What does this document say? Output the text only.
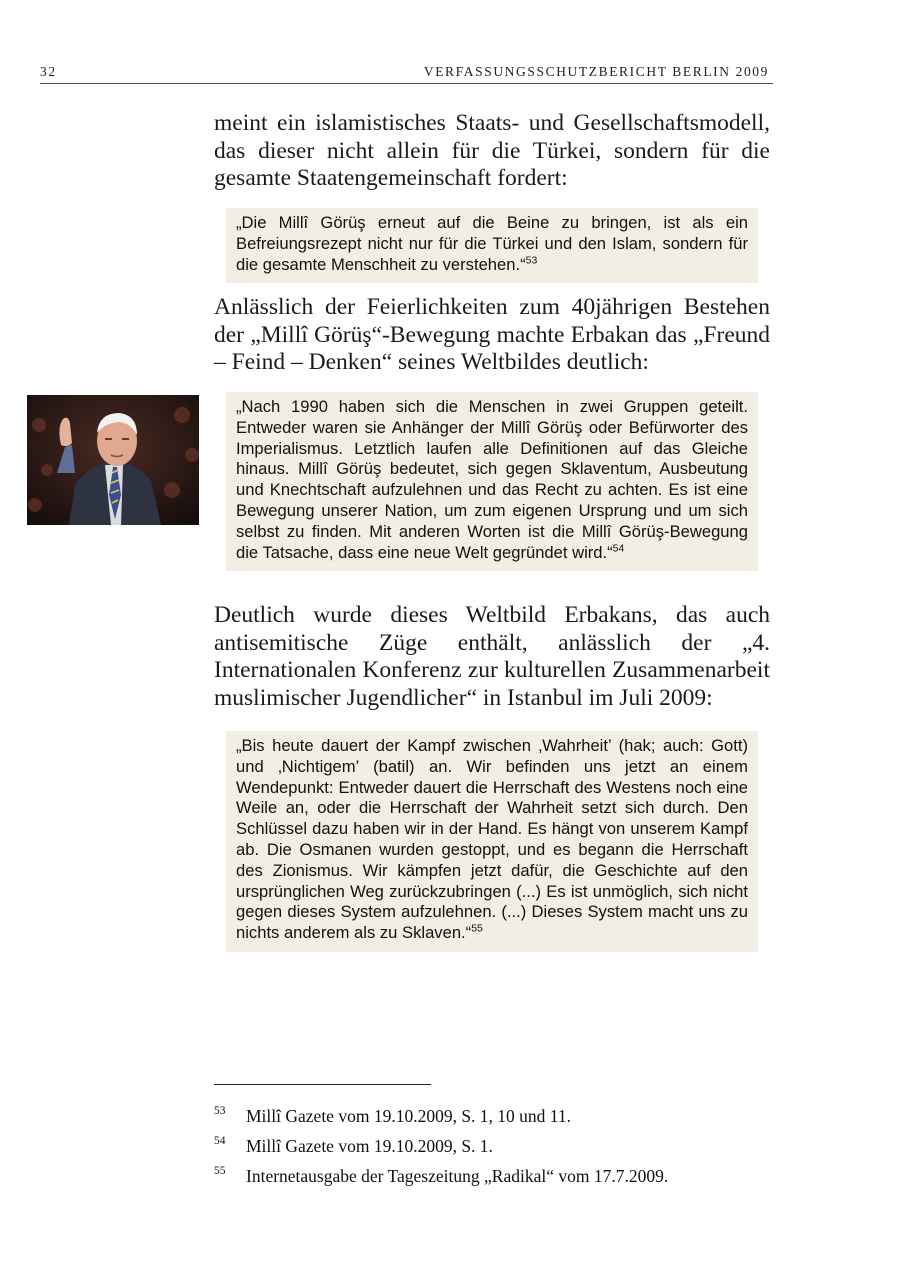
32	VERFASSUNGSSCHUTZBERICHT BERLIN 2009

meint ein islamistisches Staats- und Gesellschaftsmodell, das dieser nicht allein für die Türkei, sondern für die gesamte Staatengemeinschaft fordert:

„Die Millî Görüş erneut auf die Beine zu bringen, ist als ein Befreiungsrezept nicht nur für die Türkei und den Islam, sondern für die gesamte Menschheit zu verstehen.“$^{53}$

Anlässlich der Feierlichkeiten zum 40jährigen Bestehen der „Millî Görüş“-Bewegung machte Erbakan das „Freund – Feind – Denken“ seines Weltbildes deutlich:

„Nach 1990 haben sich die Menschen in zwei Gruppen geteilt. Entweder waren sie Anhänger der Millî Görüş oder Befürworter des Imperialismus. Letztlich laufen alle Definitionen auf das Gleiche hinaus. Millî Görüş bedeutet, sich gegen Sklaventum, Ausbeutung und Knechtschaft aufzulehnen und das Recht zu achten. Es ist eine Bewegung unserer Nation, um zum eigenen Ursprung und um sich selbst zu finden. Mit anderen Worten ist die Millî Görüş-Bewegung die Tatsache, dass eine neue Welt gegründet wird.“$^{54}$

Deutlich wurde dieses Weltbild Erbakans, das auch antisemitische Züge enthält, anlässlich der „4. Internationalen Konferenz zur kulturellen Zusammenarbeit muslimischer Jugendlicher“ in Istanbul im Juli 2009:

„Bis heute dauert der Kampf zwischen ‚Wahrheit’ (hak; auch: Gott) und ‚Nichtigem’ (batil) an. Wir befinden uns jetzt an einem Wendepunkt: Entweder dauert die Herrschaft des Westens noch eine Weile an, oder die Herrschaft der Wahrheit setzt sich durch. Den Schlüssel dazu haben wir in der Hand. Es hängt von unserem Kampf ab. Die Osmanen wurden gestoppt, und es begann die Herrschaft des Zionismus. Wir kämpfen jetzt dafür, die Geschichte auf den ursprünglichen Weg zurückzubringen (...) Es ist unmöglich, sich nicht gegen dieses System aufzulehnen. (...) Dieses System macht uns zu nichts anderem als zu Sklaven.“$^{55}$
53 Millî Gazete vom 19.10.2009, S. 1, 10 und 11.
54 Millî Gazete vom 19.10.2009, S. 1.
55 Internetausgabe der Tageszeitung „Radikal“ vom 17.7.2009.
